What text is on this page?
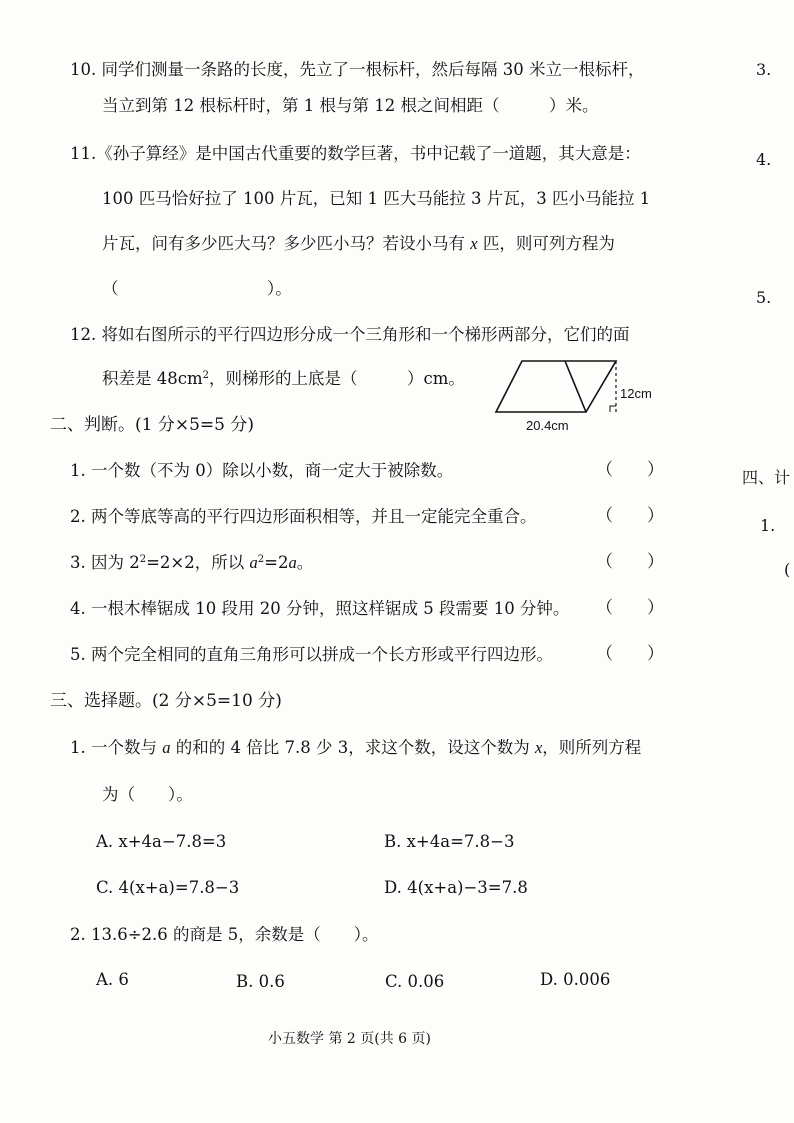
10. 同学们测量一条路的长度，先立了一根标杆，然后每隔 30 米立一根标杆，
当立到第 12 根标杆时，第 1 根与第 12 根之间相距（　　　）米。
11.《孙子算经》是中国古代重要的数学巨著，书中记载了一道题，其大意是：
100 匹马恰好拉了 100 片瓦，已知 1 匹大马能拉 3 片瓦，3 匹小马能拉 1
片瓦，问有多少匹大马？多少匹小马？若设小马有 x 匹，则可列方程为
（　　　　　　　　　）。
12. 将如右图所示的平行四边形分成一个三角形和一个梯形两部分，它们的面
积差是 $48cm^2$，则梯形的上底是（　　　）cm。
12cm
20.4cm
二、判断。(1 分×5=5 分)
1. 一个数（不为 0）除以小数，商一定大于被除数。	（　　）
2. 两个等底等高的平行四边形面积相等，并且一定能完全重合。	（　　）
3. 因为 $2^2=2\times 2$，所以 $a^2=2a$。	（　　）
4. 一根木棒锯成 10 段用 20 分钟，照这样锯成 5 段需要 10 分钟。 （　　）
5. 两个完全相同的直角三角形可以拼成一个长方形或平行四边形。	（　　）
三、选择题。(2 分×5=10 分)
1. 一个数与 a 的和的 4 倍比 7.8 少 3，求这个数，设这个数为 x，则所列方程
为（　　）。
A. x+4a−7.8=3	B. x+4a=7.8−3
C. 4(x+a)=7.8−3	D. 4(x+a)−3=7.8
2. 13.6÷2.6 的商是 5，余数是（　　）。
A. 6	B. 0.6	C. 0.06	D. 0.006
3.
4.
5.
四、计
1.
(
小五数学 第 2 页(共 6 页)
